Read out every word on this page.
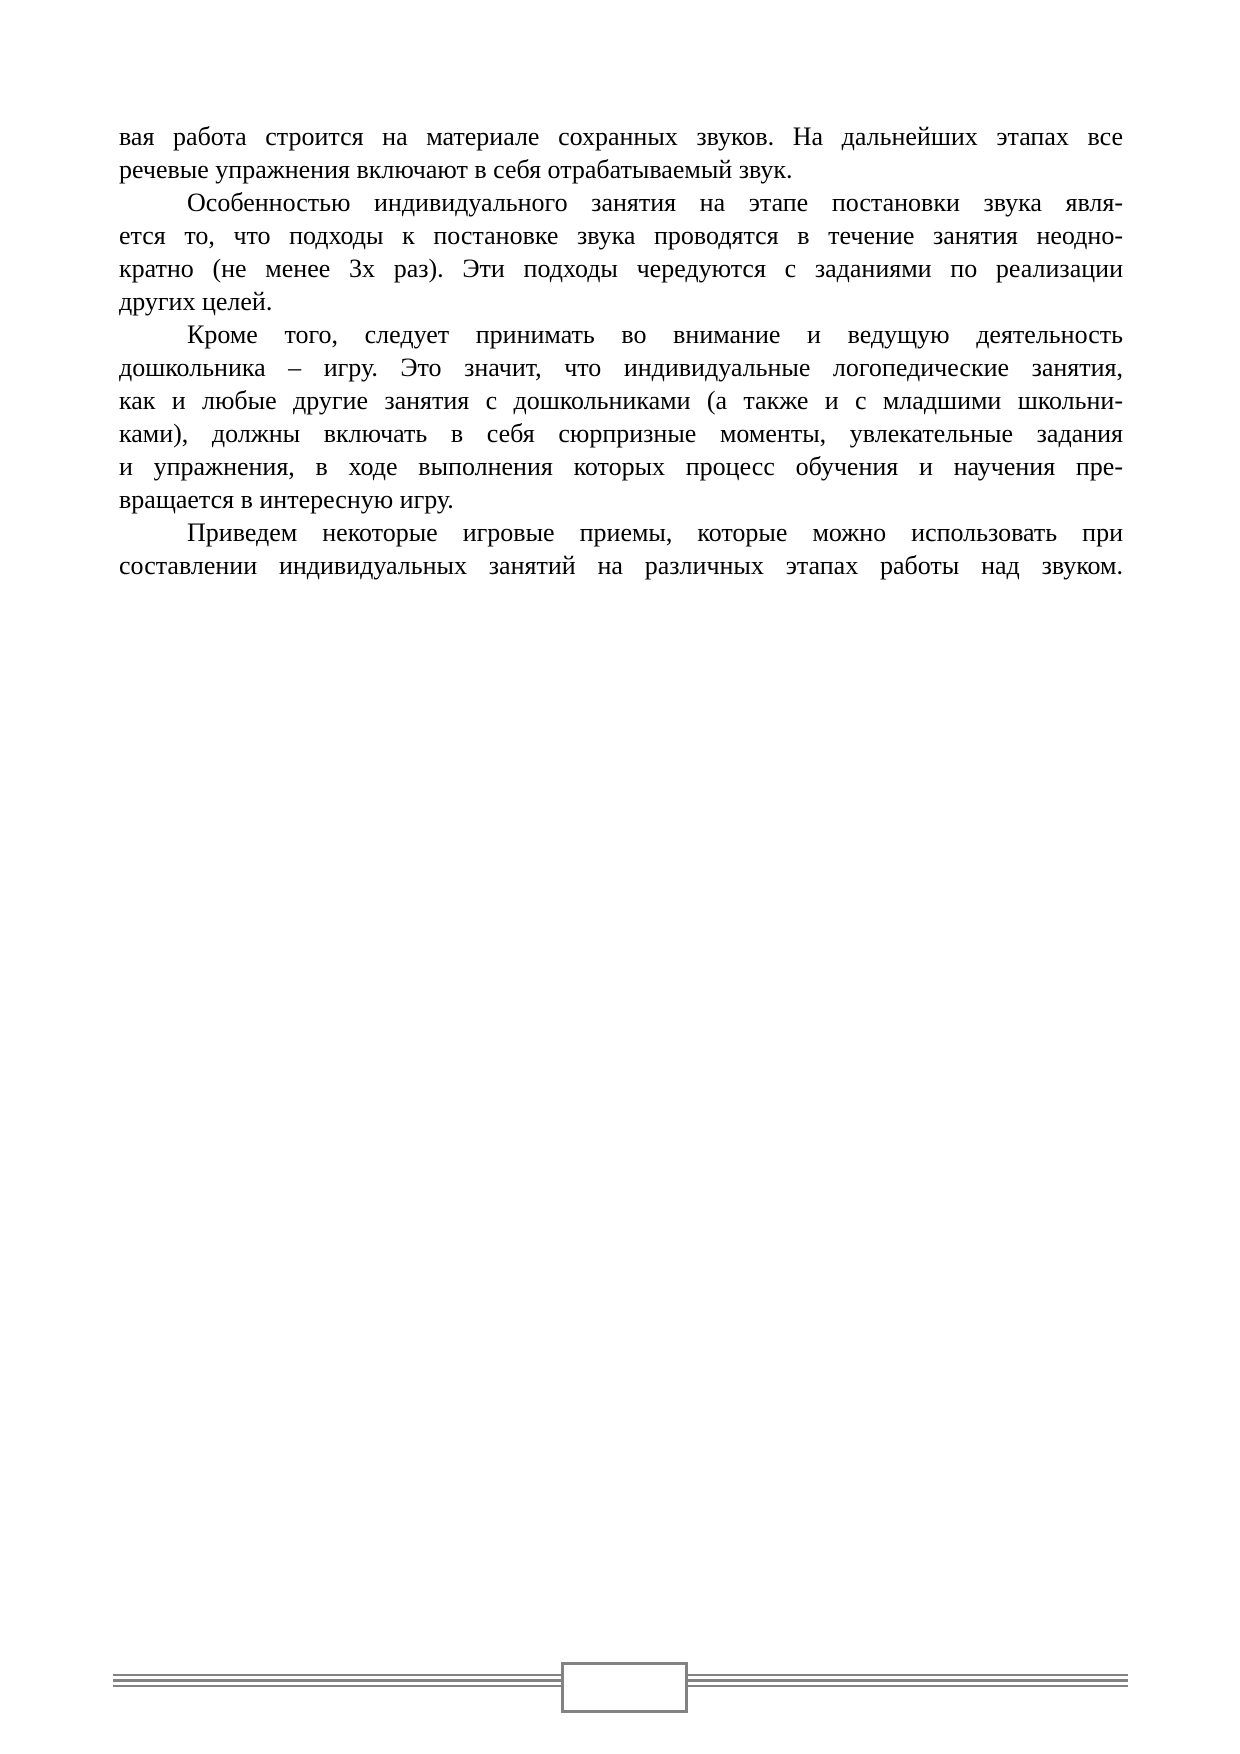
вая работа строится на материале сохранных звуков. На дальнейших этапах все
речевые упражнения включают в себя отрабатываемый звук.
Особенностью индивидуального занятия на этапе постановки звука явля-
ется то, что подходы к постановке звука проводятся в течение занятия неодно-
кратно (не менее 3х раз). Эти подходы чередуются с заданиями по реализации
других целей.
Кроме того, следует принимать во внимание и ведущую деятельность
дошкольника – игру. Это значит, что индивидуальные логопедические занятия,
как и любые другие занятия с дошкольниками (а также и с младшими школьни-
ками), должны включать в себя сюрпризные моменты, увлекательные задания
и упражнения, в ходе выполнения которых процесс обучения и научения пре-
вращается в интересную игру.
Приведем некоторые игровые приемы, которые можно использовать при
составлении индивидуальных занятий на различных этапах работы над звуком.
